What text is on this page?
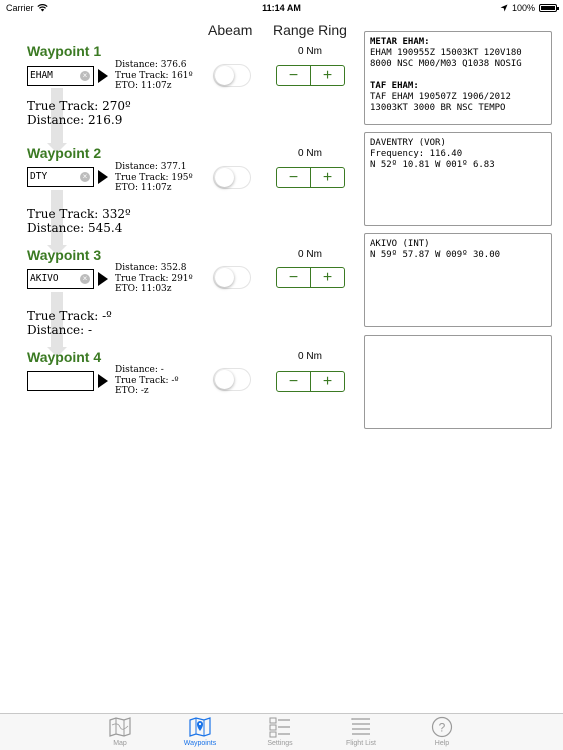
Carrier	11:14 AM	100%
Abeam Range Ring
Waypoint 1
EHAM	×
Distance: 376.6
True Track: 161º
ETO: 11:07z
0 Nm
−	+
True Track: 270º
Distance: 216.9
Waypoint 2
DTY	×
Distance: 377.1
True Track: 195º
ETO: 11:07z
0 Nm
−	+
True Track: 332º
Distance: 545.4
Waypoint 3
AKIVO	×
Distance: 352.8
True Track: 291º
ETO: 11:03z
0 Nm
−	+
True Track: -º
Distance: -
Waypoint 4
Distance: -
True Track: -º
ETO: -z
0 Nm
−	+
METAR EHAM:
EHAM 190955Z 15003KT 120V180
8000 NSC M00/M03 Q1038 NOSIG
TAF EHAM:
TAF EHAM 190507Z 1906/2012
13003KT 3000 BR NSC TEMPO
DAVENTRY (VOR)
Frequency: 116.40
N 52º 10.81 W 001º 6.83
AKIVO (INT)
N 59º 57.87 W 009º 30.00
Map	Waypoints	Settings	Flight List
?
Help
